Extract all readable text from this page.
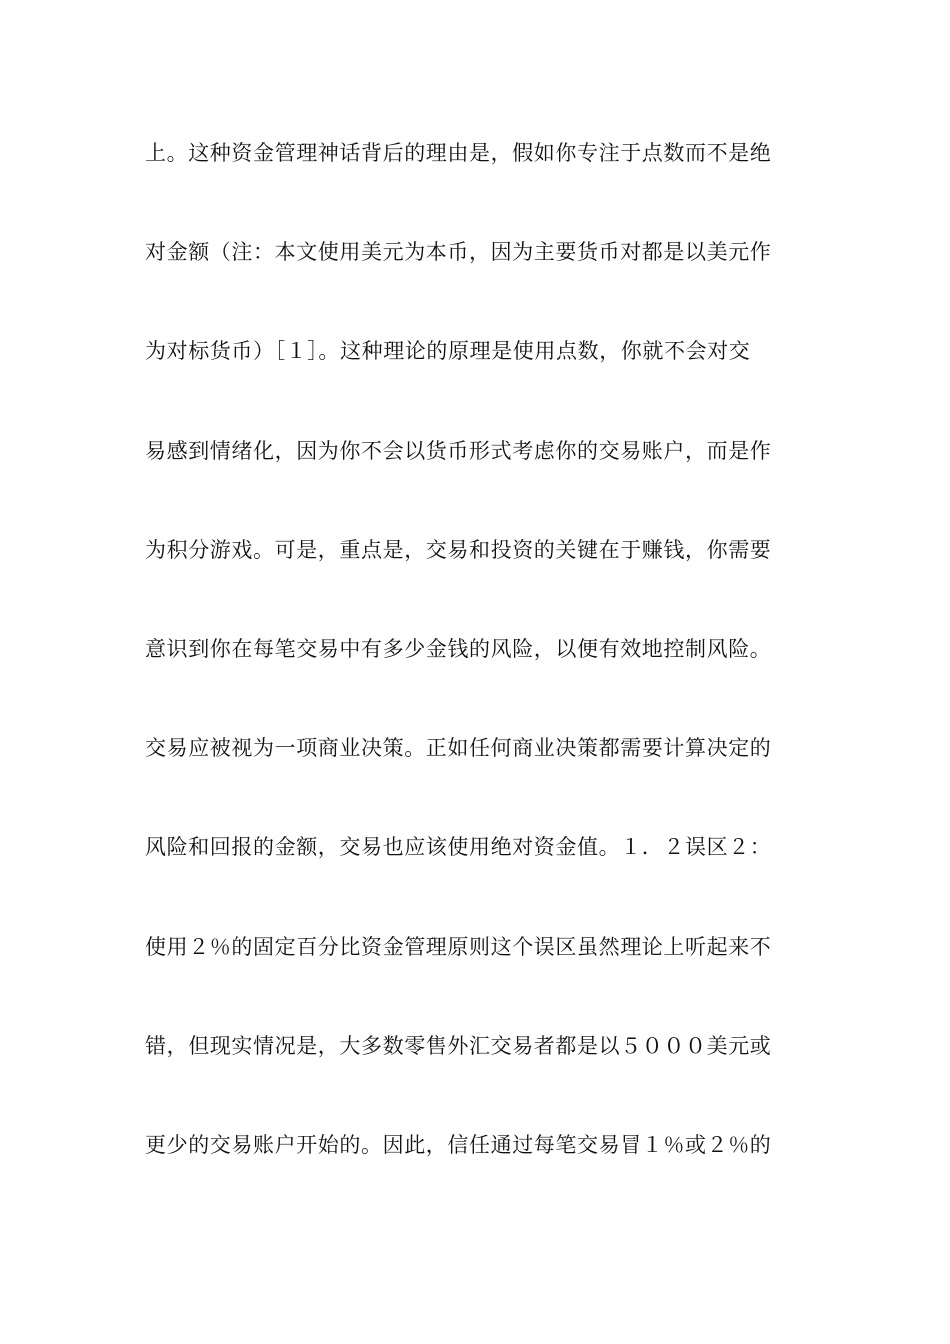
上。这种资金管理神话背后的理由是，假如你专注于点数而不是绝
对金额（注：本文使用美元为本币，因为主要货币对都是以美元作
为对标货币）［１］。这种理论的原理是使用点数，你就不会对交
易感到情绪化，因为你不会以货币形式考虑你的交易账户，而是作
为积分游戏。可是，重点是，交易和投资的关键在于赚钱，你需要
意识到你在每笔交易中有多少金钱的风险，以便有效地控制风险。
交易应被视为一项商业决策。正如任何商业决策都需要计算决定的
风险和回报的金额，交易也应该使用绝对资金值。１．２误区２：
使用２％的固定百分比资金管理原则这个误区虽然理论上听起来不
错，但现实情况是，大多数零售外汇交易者都是以５０００美元或
更少的交易账户开始的。因此，信任通过每笔交易冒１％或２％的
